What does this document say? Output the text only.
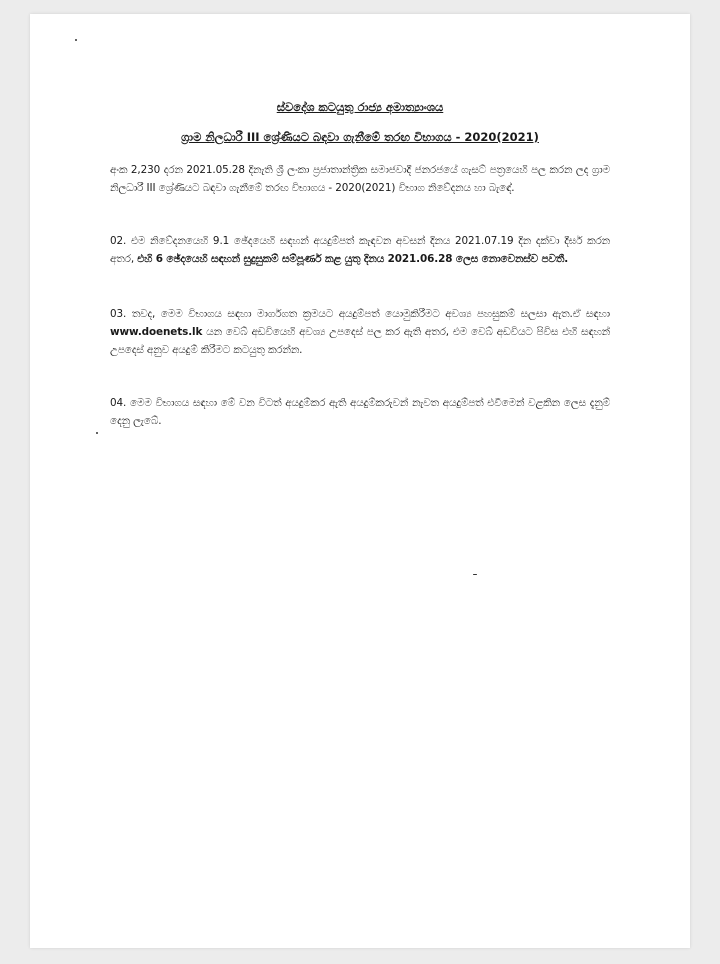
ස්වදේශ කටයුතු රාජ්‍ය අමාත්‍යාංශය
ග්‍රාම නිලධාරී III ශ්‍රේණියට බඳවා ගැනීමේ තරඟ විභාගය - 2020(2021)
අංක 2,230 දරන 2021.05.28 දිනැති ශ්‍රී ලංකා ප්‍රජාතාන්ත්‍රික සමාජවාදී ජනරජයේ ගැසට් පත්‍රයෙහි පල කරන ලද ග්‍රාම නිලධාරී III ශ්‍රේණියට බඳවා ගැනීමේ තරඟ විභාගය - 2020(2021) විභාග නිවේදනය හා බැඳේ.
02. එම නිවේදනයෙහි 9.1 ඡේදයෙහි සඳහන් අයදුම්පත් කැඳවන අවසන් දිනය 2021.07.19 දින දක්වා දීර්ඝ කරන අතර, එහි 6 ඡේදයෙහි සඳහන් සුදුසුකම් සම්පූර්ණ කළ යුතු දිනය 2021.06.28 ලෙස නොවෙනස්ව පවතී.
03. තවද, මෙම විභාගය සඳහා මාර්ගගත ක්‍රමයට අයදුම්පත් යොමුකිරීමට අවශ්‍ය පහසුකම් සලසා ඇත.ඒ සඳහා www.doenets.lk යන වෙබ් අඩවියෙහි අවශ්‍ය උපදෙස් පල කර ඇති අතර, එම වෙබ් අඩවියට පිවිස එහි සඳහන් උපදෙස් අනුව අයදුම් කිරීමට කටයුතු කරන්න.
04. මෙම විභාගය සඳහා මේ වන විටත් අයදුම්කර ඇති අයදුම්කරුවන් නැවත අයදුම්පත් එවීමෙන් වළකින ලෙස දැනුම් දෙනු ලැබේ.
